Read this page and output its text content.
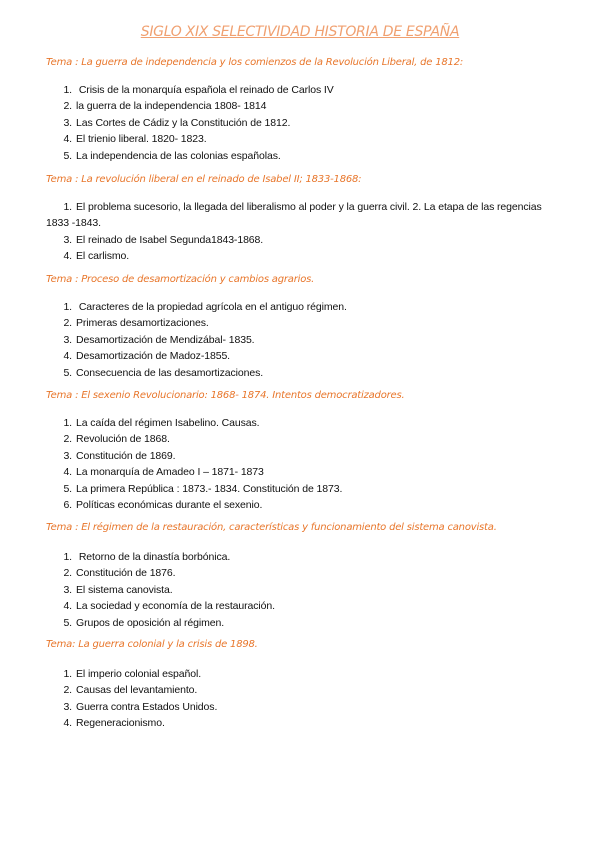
SIGLO XIX SELECTIVIDAD HISTORIA DE ESPAÑA
Tema : La guerra de independencia y los comienzos de la Revolución Liberal, de 1812:
1. Crisis de la monarquía española el reinado de Carlos IV
2. la guerra de la independencia 1808- 1814
3. Las Cortes de Cádiz y la Constitución de 1812.
4. El trienio liberal. 1820- 1823.
5. La independencia de las colonias españolas.
Tema : La revolución liberal en el reinado de Isabel II; 1833-1868:
1. El problema sucesorio, la llegada del liberalismo al poder y la guerra civil. 2. La etapa de las regencias 1833 -1843.
3. El reinado de Isabel Segunda1843-1868.
4. El carlismo.
Tema : Proceso de desamortización y cambios agrarios.
1. Caracteres de la propiedad agrícola en el antiguo régimen.
2. Primeras desamortizaciones.
3. Desamortización de Mendizábal- 1835.
4. Desamortización de Madoz-1855.
5. Consecuencia de las desamortizaciones.
Tema : El sexenio Revolucionario: 1868- 1874. Intentos democratizadores.
1. La caída del régimen Isabelino. Causas.
2. Revolución de 1868.
3. Constitución de 1869.
4. La monarquía de Amadeo I – 1871- 1873
5. La primera República : 1873.- 1834. Constitución de 1873.
6. Políticas económicas durante el sexenio.
Tema : El régimen de la restauración, características y funcionamiento del sistema canovista.
1. Retorno de la dinastía borbónica.
2. Constitución de 1876.
3. El sistema canovista.
4. La sociedad y economía de la restauración.
5. Grupos de oposición al régimen.
Tema: La guerra colonial y la crisis de 1898.
1. El imperio colonial español.
2. Causas del levantamiento.
3. Guerra contra Estados Unidos.
4. Regeneracionismo.
